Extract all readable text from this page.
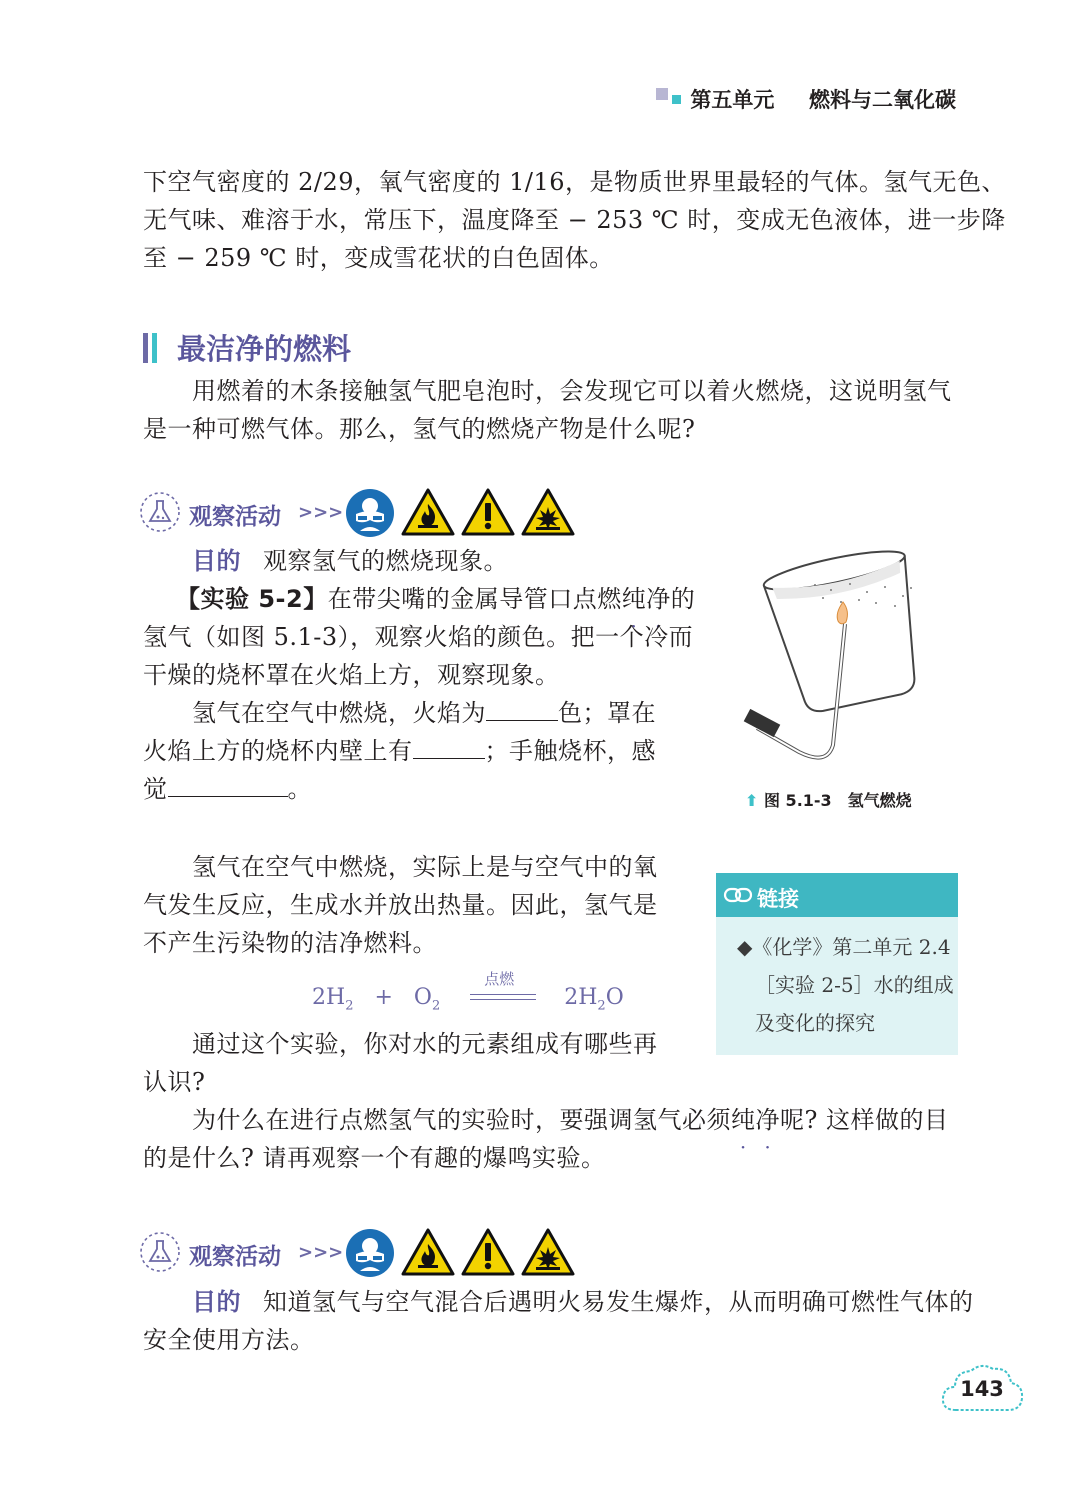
第五单元 燃料与二氧化碳
下空气密度的 2/29，氧气密度的 1/16，是物质世界里最轻的气体。氢气无色、
无气味、难溶于水，常压下，温度降至 − 253 ℃ 时，变成无色液体，进一步降
至 − 259 ℃ 时，变成雪花状的白色固体。
最洁净的燃料
用燃着的木条接触氢气肥皂泡时，会发现它可以着火燃烧，这说明氢气
是一种可燃气体。那么，氢气的燃烧产物是什么呢?
观察活动 >>>
目的 观察氢气的燃烧现象。
【实验 5-2】在带尖嘴的金属导管口点燃纯净的
氢气（如图 5.1-3），观察火焰的颜色。把一个冷而
干燥的烧杯罩在火焰上方，观察现象。
氢气在空气中燃烧，火焰为	色；罩在
火焰上方的烧杯内壁上有	；手触烧杯，感
觉	。	⬆ 图 5.1-3　氢气燃烧
氢气在空气中燃烧，实际上是与空气中的氧
气发生反应，生成水并放出热量。因此，氢气是
不产生污染物的洁净燃料。
$2H_2 + O_2$
点燃
$2H_2O$
通过这个实验，你对水的元素组成有哪些再
认识?
为什么在进行点燃氢气的实验时，要强调氢气必须纯净呢? 这样做的目
的是什么? 请再观察一个有趣的爆鸣实验。
链接
◆《化学》第二单元 2.4
［实验 2-5］水的组成
及变化的探究
观察活动 >>>
目的 知道氢气与空气混合后遇明火易发生爆炸，从而明确可燃性气体的
安全使用方法。
143
